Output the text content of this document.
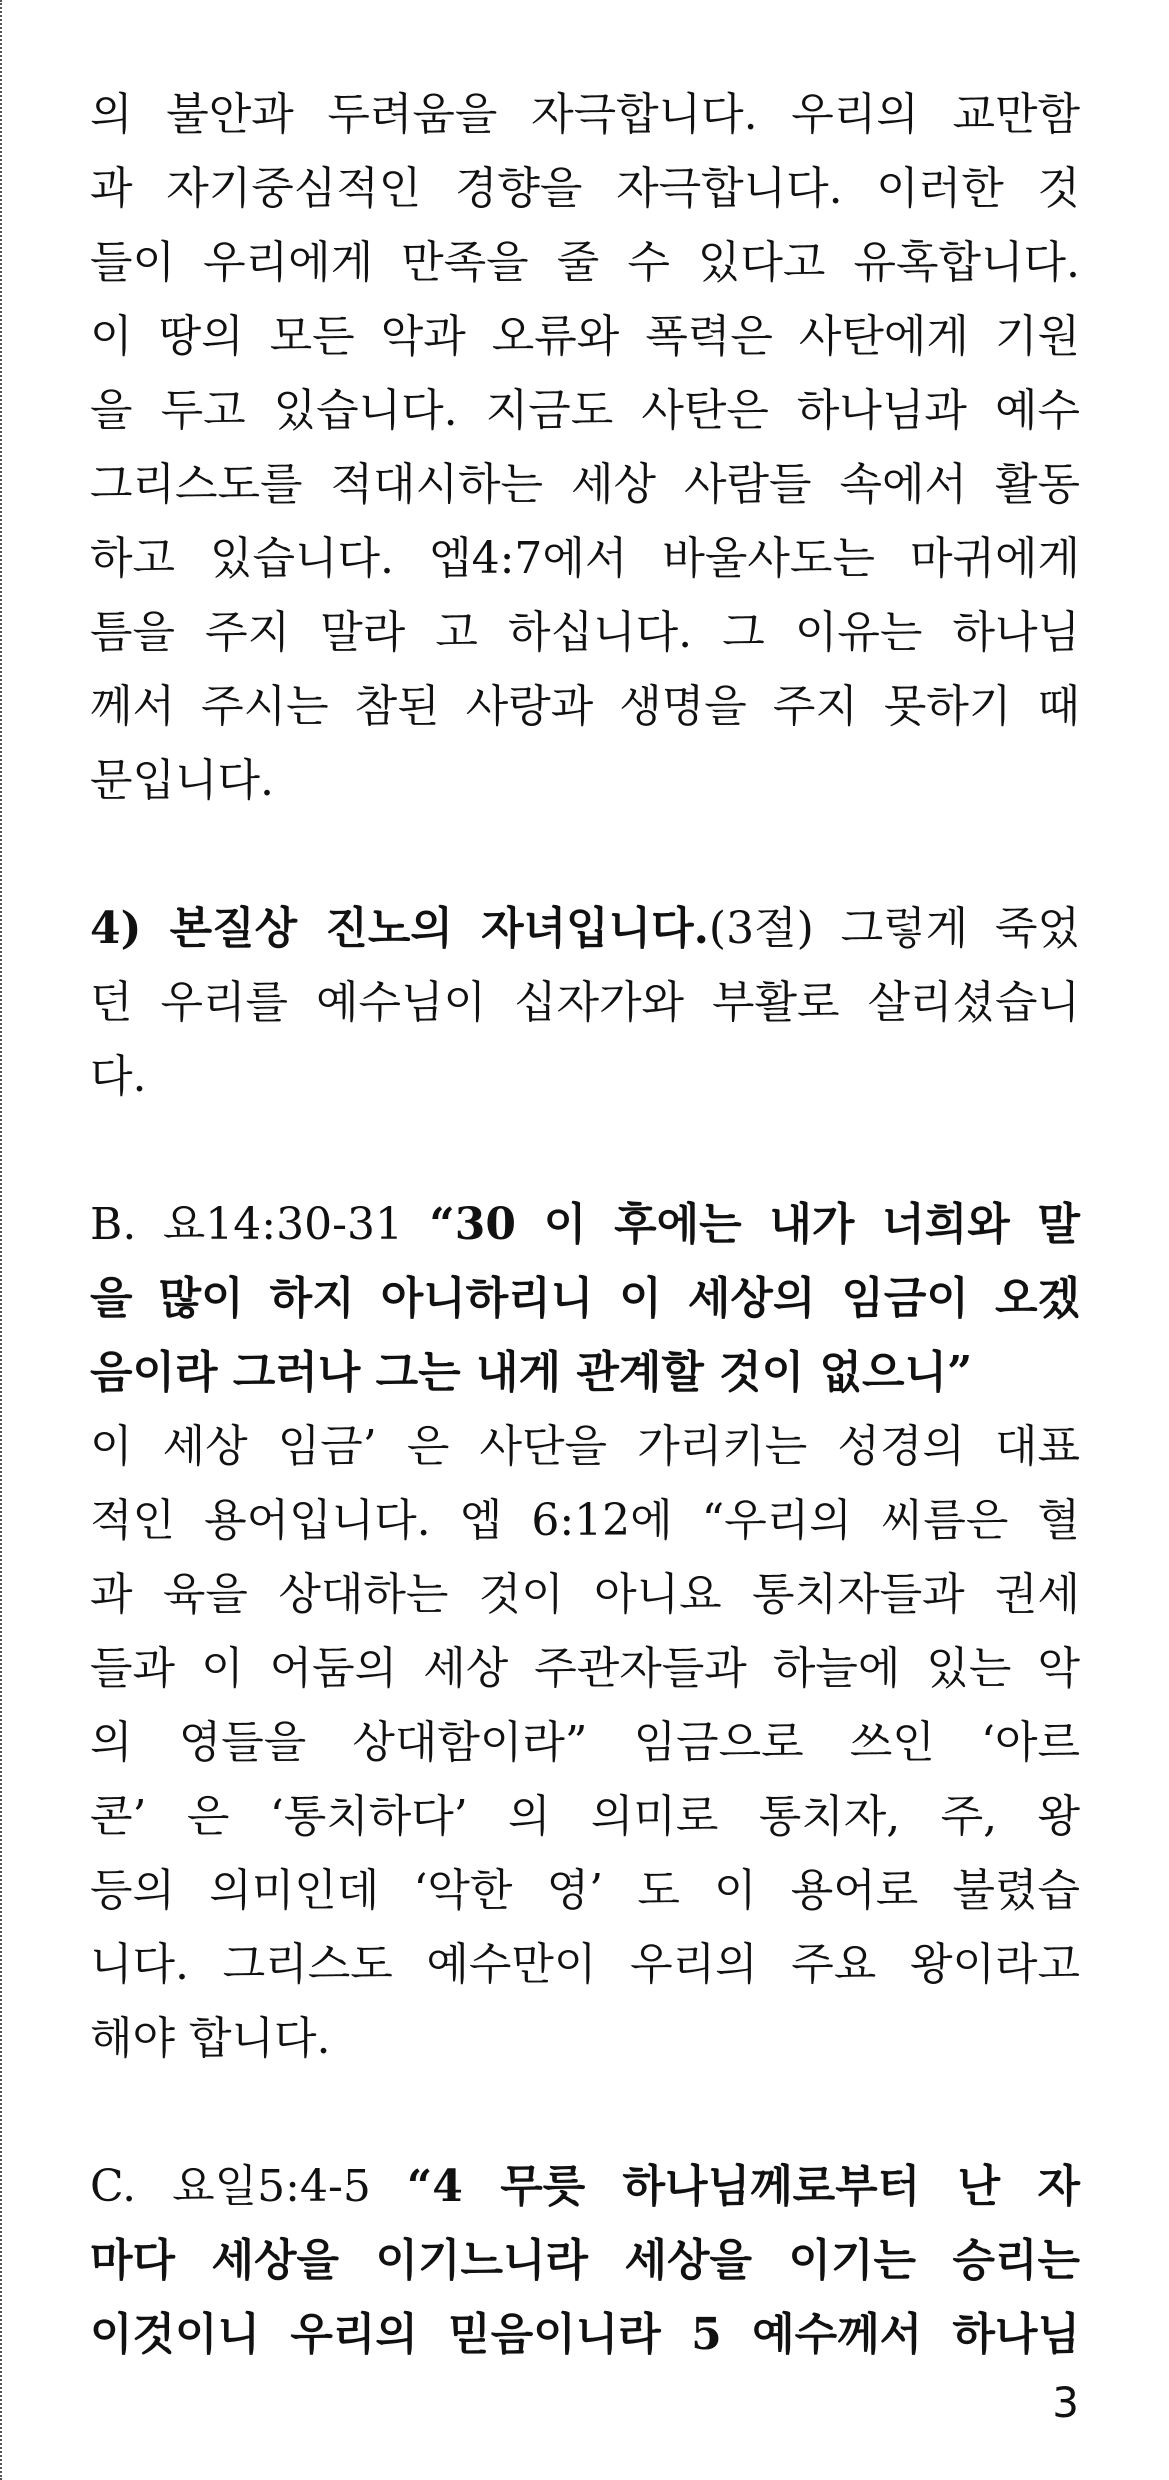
의 불안과 두려움을 자극합니다. 우리의 교만함
과 자기중심적인 경향을 자극합니다. 이러한 것
들이 우리에게 만족을 줄 수 있다고 유혹합니다.
이 땅의 모든 악과 오류와 폭력은 사탄에게 기원
을 두고 있습니다. 지금도 사탄은 하나님과 예수
그리스도를 적대시하는 세상 사람들 속에서 활동
하고 있습니다. 엡4:7에서 바울사도는 마귀에게
틈을 주지 말라 고 하십니다. 그 이유는 하나님
께서 주시는 참된 사랑과 생명을 주지 못하기 때
문입니다.
4) 본질상 진노의 자녀입니다.(3절) 그렇게 죽었
던 우리를 예수님이 십자가와 부활로 살리셨습니
다.
B. 요14:30-31 “30 이 후에는 내가 너희와 말
을 많이 하지 아니하리니 이 세상의 임금이 오겠
음이라 그러나 그는 내게 관계할 것이 없으니”
이 세상 임금’ 은 사단을 가리키는 성경의 대표
적인 용어입니다. 엡 6:12에 “우리의 씨름은 혈
과 육을 상대하는 것이 아니요 통치자들과 권세
들과 이 어둠의 세상 주관자들과 하늘에 있는 악
의 영들을 상대함이라” 임금으로 쓰인 ‘아르
콘’ 은 ‘통치하다’ 의 의미로 통치자, 주, 왕
등의 의미인데 ‘악한 영’ 도 이 용어로 불렸습
니다. 그리스도 예수만이 우리의 주요 왕이라고
해야 합니다.
C. 요일5:4-5 “4 무릇 하나님께로부터 난 자
마다 세상을 이기느니라 세상을 이기는 승리는
이것이니 우리의 믿음이니라 5 예수께서 하나님
3
